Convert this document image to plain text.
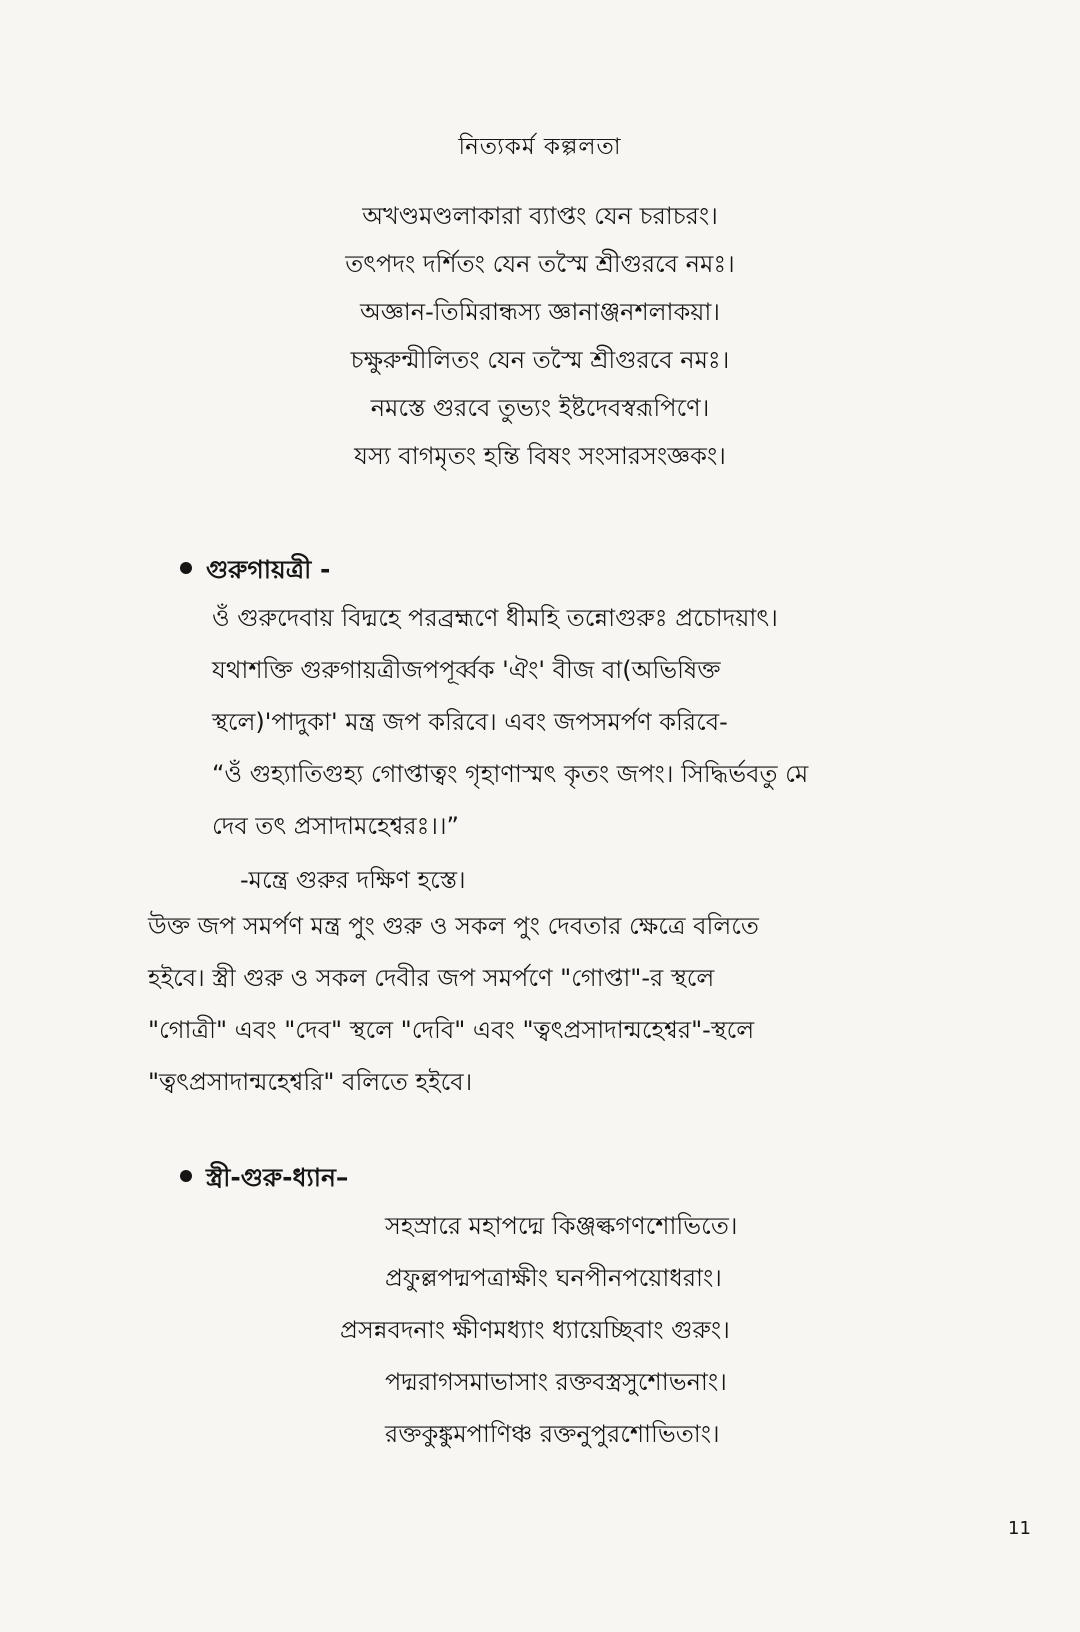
নিত্যকর্ম কল্পলতা
অখণ্ডমণ্ডলাকারা ব্যাপ্তং যেন চরাচরং।
তৎপদং দর্শিতং যেন তস্মৈ শ্রীগুরবে নমঃ।
অজ্ঞান-তিমিরান্ধস্য জ্ঞানাঞ্জনশলাকয়া।
চক্ষুরুন্মীলিতং যেন তস্মৈ শ্রীগুরবে নমঃ।
নমস্তে গুরবে তুভ্যং ইষ্টদেবস্বরূপিণে।
যস্য বাগমৃতং হন্তি বিষং সংসারসংজ্ঞকং।
গুরুগায়ত্রী -
ওঁ গুরুদেবায় বিদ্মহে পরব্রহ্মণে ধীমহি তন্নোগুরুঃ প্রচোদয়াৎ।
যথাশক্তি গুরুগায়ত্রীজপপূর্ব্বক 'ঐং' বীজ বা(অভিষিক্ত
স্থলে)'পাদুকা' মন্ত্র জপ করিবে। এবং জপসমর্পণ করিবে-
“ওঁ গুহ্যাতিগুহ্য গোপ্তাত্বং গৃহাণাস্মৎ কৃতং জপং। সিদ্ধির্ভবতু মে
দেব তৎ প্রসাদামহেশ্বরঃ।।”
-মন্ত্রে গুরুর দক্ষিণ হস্তে।
উক্ত জপ সমর্পণ মন্ত্র পুং গুরু ও সকল পুং দেবতার ক্ষেত্রে বলিতে
হইবে। স্ত্রী গুরু ও সকল দেবীর জপ সমর্পণে "গোপ্তা"-র স্থলে
"গোত্রী" এবং "দেব" স্থলে "দেবি" এবং "ত্বৎপ্রসাদান্মহেশ্বর"-স্থলে
"ত্বৎপ্রসাদান্মহেশ্বরি" বলিতে হইবে।
স্ত্রী-গুরু-ধ্যান–
সহস্রারে মহাপদ্মে কিঞ্জল্কগণশোভিতে।
প্রফুল্লপদ্মপত্রাক্ষীং ঘনপীনপয়োধরাং।
প্রসন্নবদনাং ক্ষীণমধ্যাং ধ্যায়েচ্ছিবাং গুরুং।
পদ্মরাগসমাভাসাং রক্তবস্ত্রসুশোভনাং।
রক্তকুঙ্কুমপাণিঞ্চ রক্তনুপুরশোভিতাং।
11
